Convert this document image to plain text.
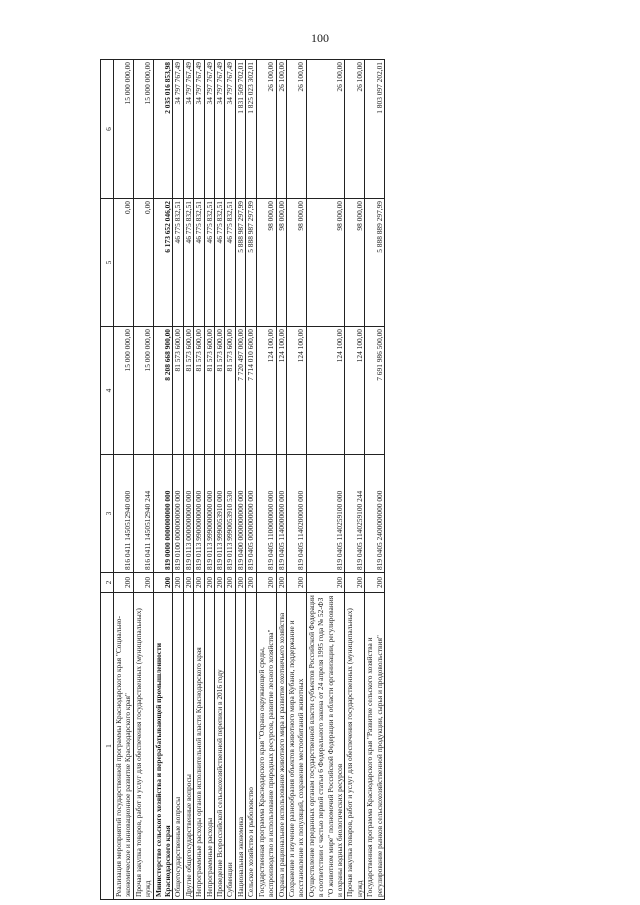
100
1	2	3	4	5	6
Реализация мероприятий государственной программы Краснодарского края "Социально-экономическое и инновационное развитие Краснодарского края"	200	816 0411 1450512940 000	15 000 000,00	0,00	15 000 000,00
Прочая закупка товаров, работ и услуг для обеспечения государственных (муниципальных) нужд	200	816 0411 1450512940 244	15 000 000,00	0,00	15 000 000,00
Министерство сельского хозяйства и перерабатывающей промышленности Краснодарского края	200	819 0000 0000000000 000	8 208 668 900,00	6 173 652 046,02	2 035 016 853,98
Общегосударственные вопросы	200	819 0100 0000000000 000	81 573 600,00	46 775 832,51	34 797 767,49
Другие общегосударственные вопросы	200	819 0113 0000000000 000	81 573 600,00	46 775 832,51	34 797 767,49
Непрограммные расходы органов исполнительной власти Краснодарского края	200	819 0113 9900000000 000	81 573 600,00	46 775 832,51	34 797 767,49
Непрограммные расходы	200	819 0113 9990000000 000	81 573 600,00	46 775 832,51	34 797 767,49
Проведение Всероссийской сельскохозяйственной переписи в 2016 году	200	819 0113 9990053910 000	81 573 600,00	46 775 832,51	34 797 767,49
Субвенции	200	819 0113 9990053910 530	81 573 600,00	46 775 832,51	34 797 767,49
Национальная экономика	200	819 0400 0000000000 000	7 720 497 000,00	5 888 987 297,99	1 831 509 702,01
Сельское хозяйство и рыболовство	200	819 0405 0000000000 000	7 714 010 600,00	5 888 987 297,99	1 825 023 302,01
Государственная программа Краснодарского края "Охрана окружающей среды, воспроизводство и использование природных ресурсов, развитие лесного хозяйства"	200	819 0405 1100000000 000	124 100,00	98 000,00	26 100,00
Охрана и рациональное использование животного мира и развитие охотничьего хозяйства	200	819 0405 1140000000 000	124 100,00	98 000,00	26 100,00
Сохранение и изучение разнообразия объектов животного мира Кубани, поддержание и восстановление их популяций, сохранение местообитаний животных	200	819 0405 1140200000 000	124 100,00	98 000,00	26 100,00
Осуществление переданных органам государственной власти субъектов Российской Федерации в соответствии с частью первой статьи 6 Федерального закона от 24 апреля 1995 года № 52-ФЗ "О животном мире" полномочий Российской Федерации в области организации, регулирования и охраны водных биологических ресурсов	200	819 0405 1140259100 000	124 100,00	98 000,00	26 100,00
Прочая закупка товаров, работ и услуг для обеспечения государственных (муниципальных) нужд	200	819 0405 1140259100 244	124 100,00	98 000,00	26 100,00
Государственная программа Краснодарского края "Развитие сельского хозяйства и регулирование рынков сельскохозяйственной продукции, сырья и продовольствия"	200	819 0405 2400000000 000	7 691 986 500,00	5 888 889 297,99	1 803 097 202,01
